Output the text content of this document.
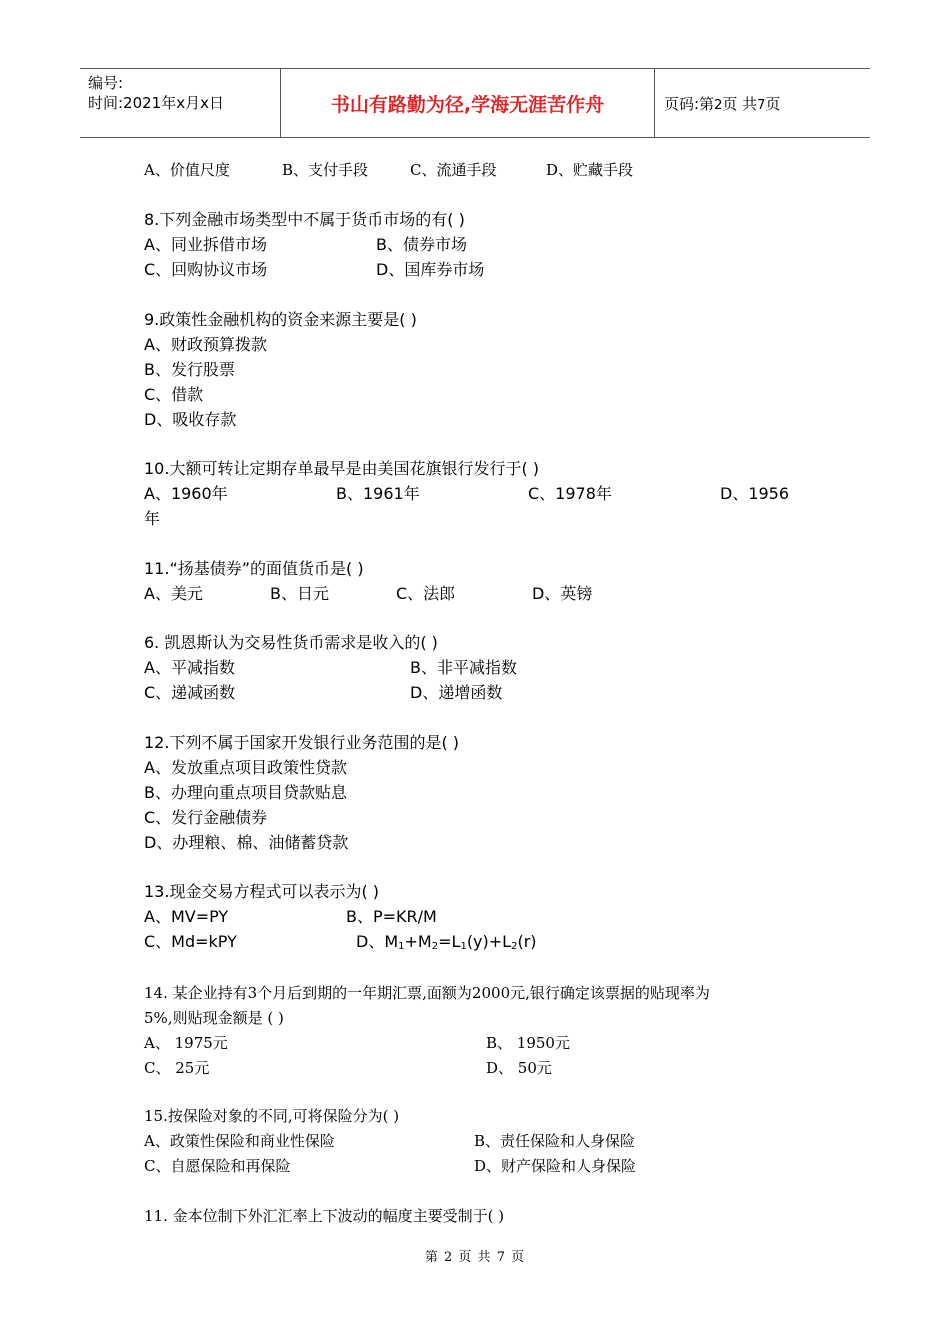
编号:
时间:2021年x月x日	书山有路勤为径,学海无涯苦作舟	页码:第2页 共7页
A、价值尺度	B、支付手段	C、流通手段	D、贮藏手段
8.下列金融市场类型中不属于货币市场的有( )
A、同业拆借市场	B、债券市场
C、回购协议市场	D、国库券市场
9.政策性金融机构的资金来源主要是( )
A、财政预算拨款
B、发行股票
C、借款
D、吸收存款
10.大额可转让定期存单最早是由美国花旗银行发行于( )
A、1960年	B、1961年	C、1978年	D、1956
年
11.“扬基债券”的面值货币是( )
A、美元	B、日元	C、法郎	D、英镑
6. 凯恩斯认为交易性货币需求是收入的( )
A、平减指数	B、非平减指数
C、递减函数	D、递增函数
12.下列不属于国家开发银行业务范围的是( )
A、发放重点项目政策性贷款
B、办理向重点项目贷款贴息
C、发行金融债券
D、办理粮、棉、油储蓄贷款
13.现金交易方程式可以表示为( )
A、MV=PY	B、P=KR/M
C、Md=kPY	D、$M_1+M_2=L_1(y)+L_2(r)$
14. 某企业持有3个月后到期的一年期汇票,面额为2000元,银行确定该票据的贴现率为
5%,则贴现金额是 ( )
A、 1975元	B、 1950元
C、 25元	D、 50元
15.按保险对象的不同,可将保险分为( )
A、政策性保险和商业性保险	B、责任保险和人身保险
C、自愿保险和再保险	D、财产保险和人身保险
11. 金本位制下外汇汇率上下波动的幅度主要受制于( )
第 2 页 共 7 页
